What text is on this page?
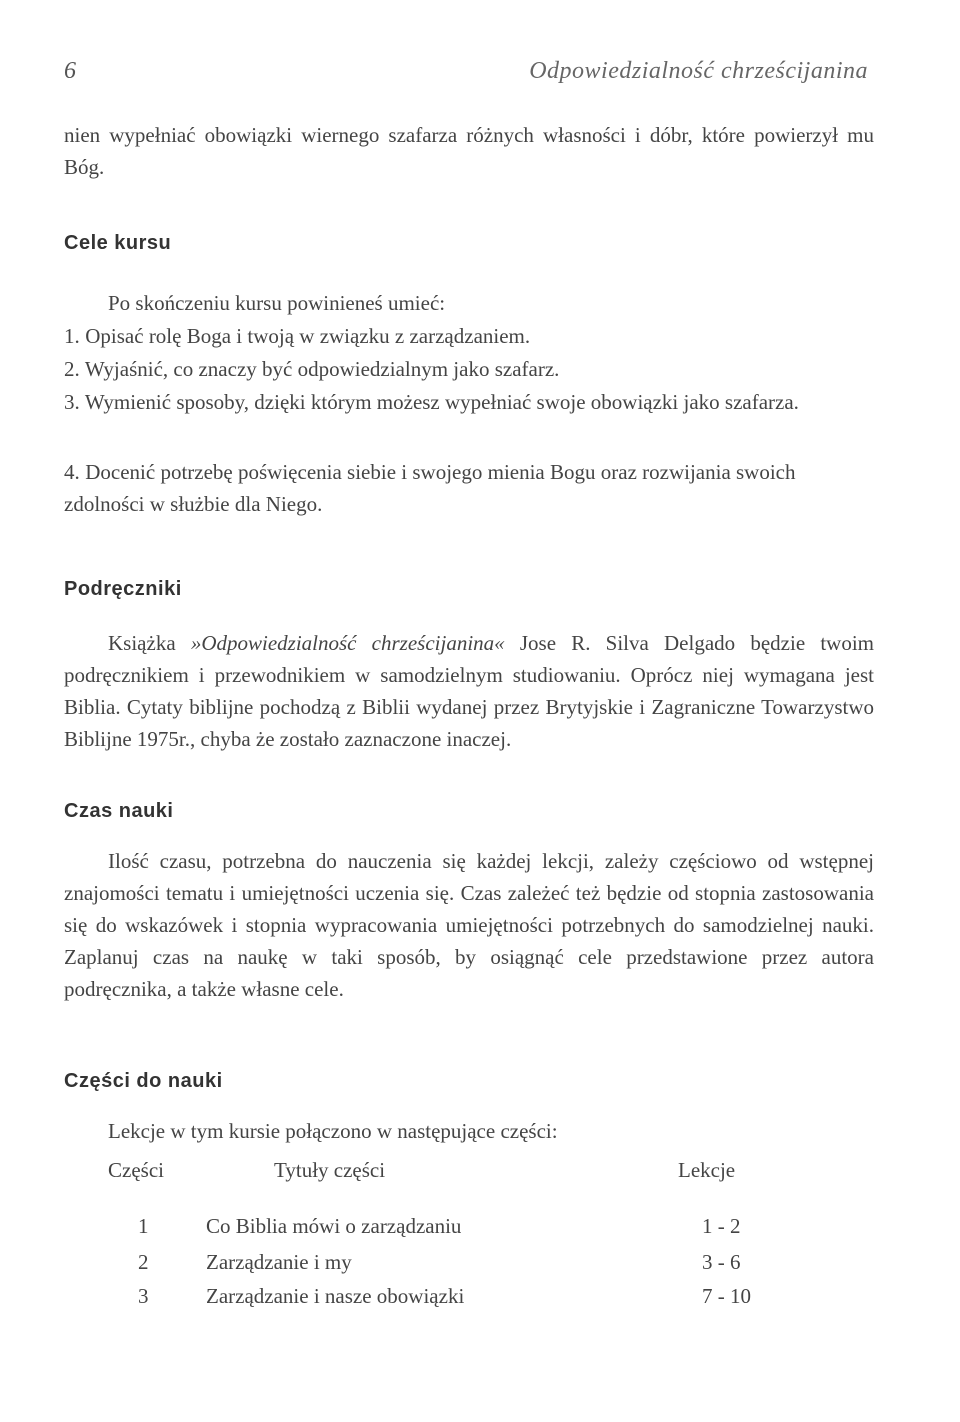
6	Odpowiedzialność chrześcijanina
nien wypełniać obowiązki wiernego szafarza różnych własności i dóbr, które powierzył mu Bóg.
Cele kursu
Po skończeniu kursu powinieneś umieć:
1. Opisać rolę Boga i twoją w związku z zarządzaniem.
2. Wyjaśnić, co znaczy być odpowiedzialnym jako szafarz.
3. Wymienić sposoby, dzięki którym możesz wypełniać swoje obowiązki jako szafarza.
4. Docenić potrzebę poświęcenia siebie i swojego mienia Bogu oraz rozwijania swoich zdolności w służbie dla Niego.
Podręczniki
Książka »Odpowiedzialność chrześcijanina« Jose R. Silva Delgado będzie twoim podręcznikiem i przewodnikiem w samodzielnym studiowaniu. Oprócz niej wymagana jest Biblia. Cytaty biblijne pochodzą z Biblii wydanej przez Brytyjskie i Zagraniczne Towarzystwo Biblijne 1975r., chyba że zostało zaznaczone inaczej.
Czas nauki
Ilość czasu, potrzebna do nauczenia się każdej lekcji, zależy częściowo od wstępnej znajomości tematu i umiejętności uczenia się. Czas zależeć też będzie od stopnia zastosowania się do wskazówek i stopnia wypracowania umiejętności potrzebnych do samodzielnej nauki. Zaplanuj czas na naukę w taki sposób, by osiągnąć cele przedstawione przez autora podręcznika, a także własne cele.
Części do nauki
Lekcje w tym kursie połączono w następujące części:
Części	Tytuły części	Lekcje
1	Co Biblia mówi o zarządzaniu	1 - 2
2	Zarządzanie i my	3 - 6
3	Zarządzanie i nasze obowiązki	7 - 10
